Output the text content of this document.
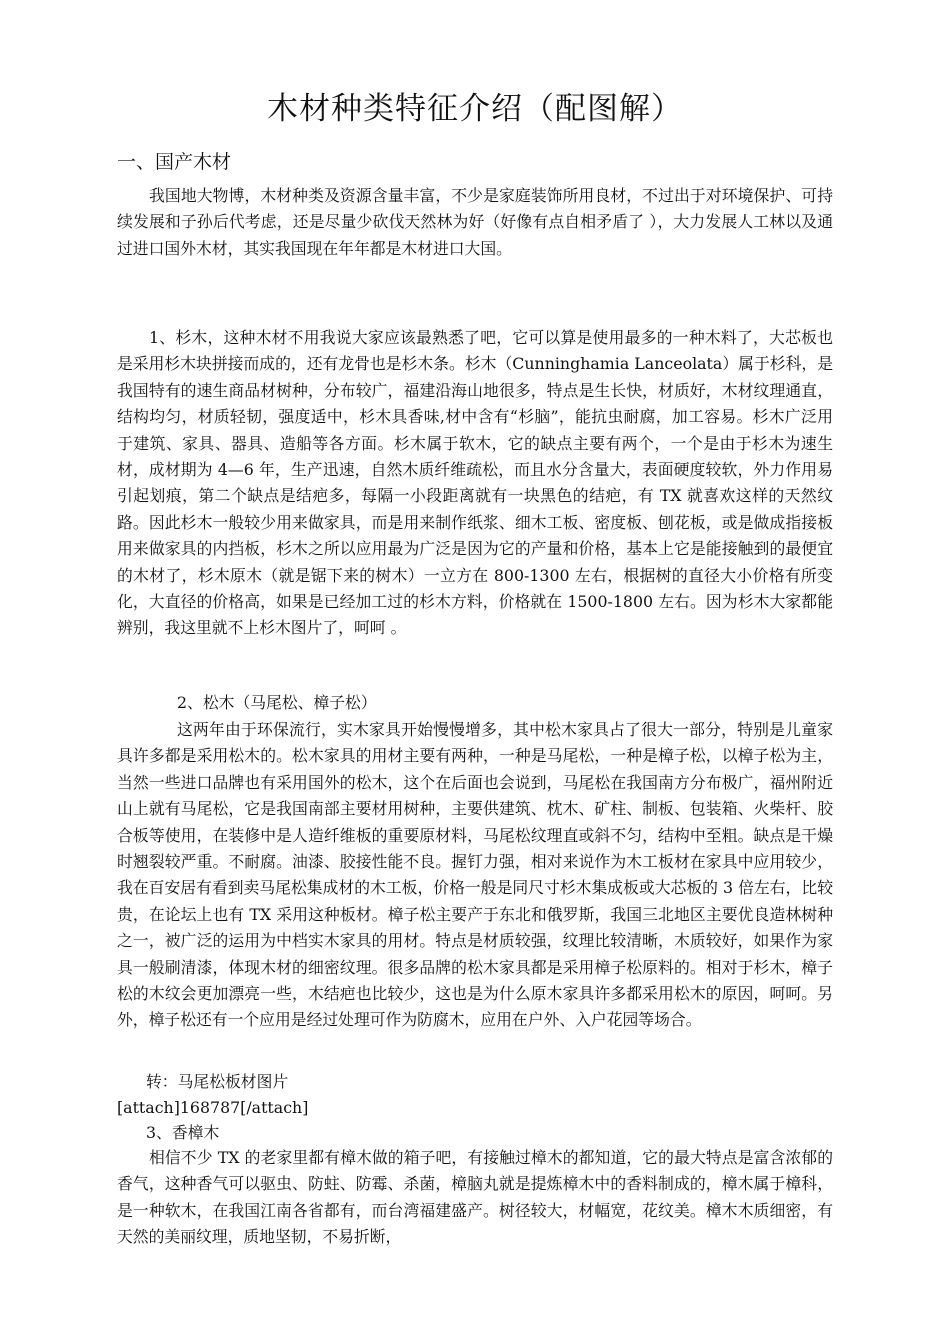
木材种类特征介绍（配图解）
一、国产木材
我国地大物博，木材种类及资源含量丰富，不少是家庭装饰所用良材，不过出于对环境保护、可持续发展和子孙后代考虑，还是尽量少砍伐天然林为好（好像有点自相矛盾了 ），大力发展人工林以及通过进口国外木材，其实我国现在年年都是木材进口大国。
1、杉木，这种木材不用我说大家应该最熟悉了吧，它可以算是使用最多的一种木料了，大芯板也是采用杉木块拼接而成的，还有龙骨也是杉木条。杉木（Cunninghamia Lanceolata）属于杉科，是我国特有的速生商品材树种，分布较广，福建沿海山地很多，特点是生长快，材质好，木材纹理通直，结构均匀，材质轻韧，强度适中，杉木具香味,材中含有“杉脑”，能抗虫耐腐，加工容易。杉木广泛用于建筑、家具、器具、造船等各方面。杉木属于软木，它的缺点主要有两个，一个是由于杉木为速生材，成材期为 4—6 年，生产迅速，自然木质纤维疏松，而且水分含量大，表面硬度较软，外力作用易引起划痕，第二个缺点是结疤多，每隔一小段距离就有一块黑色的结疤，有 TX 就喜欢这样的天然纹路。因此杉木一般较少用来做家具，而是用来制作纸浆、细木工板、密度板、刨花板，或是做成指接板用来做家具的内挡板，杉木之所以应用最为广泛是因为它的产量和价格，基本上它是能接触到的最便宜的木材了，杉木原木（就是锯下来的树木）一立方在 800-1300 左右，根据树的直径大小价格有所变化，大直径的价格高，如果是已经加工过的杉木方料，价格就在 1500-1800 左右。因为杉木大家都能辨别，我这里就不上杉木图片了，呵呵 。
2、松木（马尾松、樟子松）
这两年由于环保流行，实木家具开始慢慢增多，其中松木家具占了很大一部分，特别是儿童家具许多都是采用松木的。松木家具的用材主要有两种，一种是马尾松，一种是樟子松，以樟子松为主，当然一些进口品牌也有采用国外的松木，这个在后面也会说到，马尾松在我国南方分布极广，福州附近山上就有马尾松，它是我国南部主要材用树种，主要供建筑、枕木、矿柱、制板、包装箱、火柴杆、胶合板等使用，在装修中是人造纤维板的重要原材料，马尾松纹理直或斜不匀，结构中至粗。缺点是干燥时翘裂较严重。不耐腐。油漆、胶接性能不良。握钉力强，相对来说作为木工板材在家具中应用较少，我在百安居有看到卖马尾松集成材的木工板，价格一般是同尺寸杉木集成板或大芯板的 3 倍左右，比较贵，在论坛上也有 TX 采用这种板材。樟子松主要产于东北和俄罗斯，我国三北地区主要优良造林树种之一，被广泛的运用为中档实木家具的用材。特点是材质较强，纹理比较清晰，木质较好，如果作为家具一般刷清漆，体现木材的细密纹理。很多品牌的松木家具都是采用樟子松原料的。相对于杉木，樟子松的木纹会更加漂亮一些，木结疤也比较少，这也是为什么原木家具许多都采用松木的原因，呵呵。另外，樟子松还有一个应用是经过处理可作为防腐木，应用在户外、入户花园等场合。
转：马尾松板材图片
[attach]168787[/attach]
3、香樟木
相信不少 TX 的老家里都有樟木做的箱子吧，有接触过樟木的都知道，它的最大特点是富含浓郁的香气，这种香气可以驱虫、防蛀、防霉、杀菌，樟脑丸就是提炼樟木中的香料制成的，樟木属于樟科，是一种软木，在我国江南各省都有，而台湾福建盛产。树径较大，材幅宽，花纹美。樟木木质细密，有天然的美丽纹理，质地坚韧，不易折断，
